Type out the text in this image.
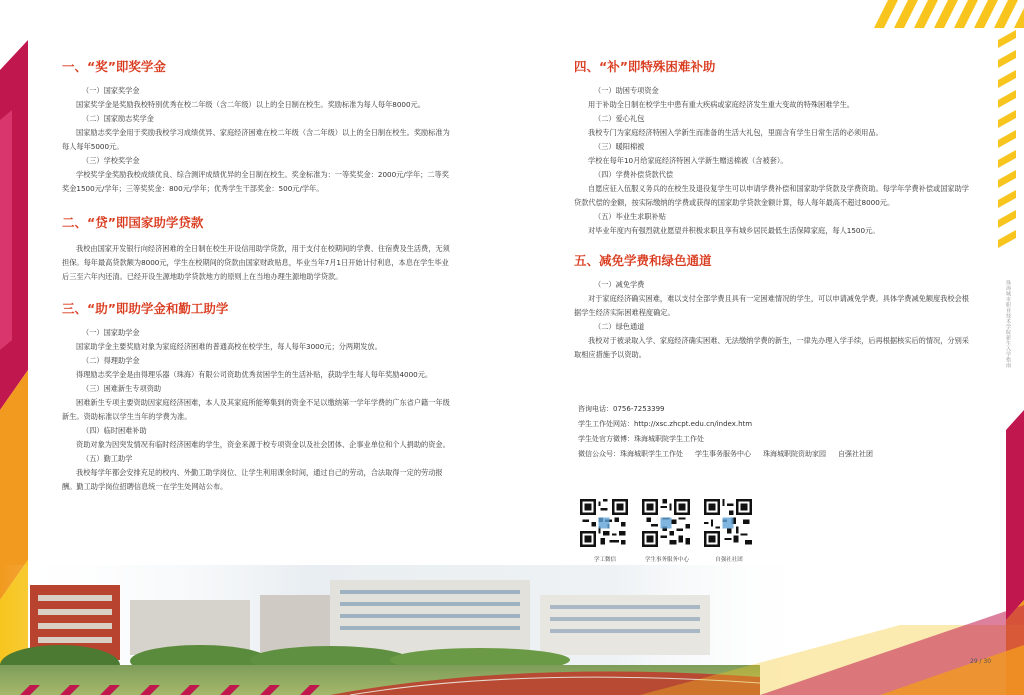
珠海城市职业技术学院新生入学指南
一、“奖”即奖学金
（一）国家奖学金

国家奖学金是奖励我校特别优秀在校二年级（含二年级）以上的全日制在校生。奖励标准为每人每年8000元。

（二）国家励志奖学金

国家励志奖学金用于奖励我校学习成绩优异、家庭经济困难在校二年级（含二年级）以上的全日制在校生。奖励标准为每人每年5000元。

（三）学校奖学金

学校奖学金奖励我校成绩优良、综合测评成绩优异的全日制在校生。奖金标准为：一等奖奖金：2000元/学年；二等奖奖金1500元/学年；三等奖奖金：800元/学年；优秀学生干部奖金：500元/学年。

二、“贷”即国家助学贷款

我校由国家开发银行向经济困难的全日制在校生开设信用助学贷款，用于支付在校期间的学费、住宿费及生活费，无须担保。每年最高贷款额为8000元，学生在校期间的贷款由国家财政贴息，毕业当年7月1日开始计付利息，本息在学生毕业后三至六年内还清。已经开设生源地助学贷款地方的原则上在当地办理生源地助学贷款。

三、“助”即助学金和勤工助学
（一）国家助学金

国家助学金主要奖励对象为家庭经济困难的普通高校在校学生，每人每年3000元；分两期发放。

（二）得理助学金

得理励志奖学金是由得理乐器（珠海）有限公司资助优秀贫困学生的生活补贴，获助学生每人每年奖励4000元。

（三）困难新生专项资助

困难新生专项主要资助因家庭经济困难，本人及其家庭所能筹集到的资金不足以缴纳第一学年学费的广东省户籍一年级新生。资助标准以学生当年的学费为准。

（四）临时困难补助

资助对象为因突发情况有临时经济困难的学生，资金来源于校专项资金以及社会团体、企事业单位和个人捐助的资金。

（五）勤工助学

我校每学年都会安排充足的校内、外勤工助学岗位、让学生利用课余时间，通过自己的劳动，合法取得一定的劳动报酬。勤工助学岗位招聘信息统一在学生处网站公布。

四、“补”即特殊困难补助
（一）助困专项资金

用于补助全日制在校学生中患有重大疾病或家庭经济发生重大变故的特殊困难学生。

（二）爱心礼包

我校专门为家庭经济特困入学新生而准备的生活大礼包，里面含有学生日常生活的必须用品。

（三）暖阳棉被

学校在每年10月给家庭经济特困入学新生赠送棉被（含被套）。

（四）学费补偿贷款代偿

自愿应征入伍服义务兵的在校生及退役复学生可以申请学费补偿和国家助学贷款及学费资助。每学年学费补偿或国家助学贷款代偿的金额，按实际缴纳的学费或获得的国家助学贷款金额计算，每人每年最高不超过8000元。

（五）毕业生求职补贴

对毕业年度内有强烈就业愿望并积极求职且享有城乡居民最低生活保障家庭，每人1500元。

五、减免学费和绿色通道
（一）减免学费

对于家庭经济确实困难，难以支付全部学费且具有一定困难情况的学生，可以申请减免学费。具体学费减免额度我校会根据学生经济实际困难程度确定。

（二）绿色通道

我校对于被录取入学、家庭经济确实困难、无法缴纳学费的新生，一律先办理入学手续，后再根据核实后的情况，分别采取相应措施予以资助。

咨询电话：0756-7253399
学生工作处网站：http://xsc.zhcpt.edu.cn/index.htm
学生处官方微博：珠海城职院学生工作处
微信公众号：珠海城职学生工作处 学生事务服务中心 珠海城职院资助家园 自强社社团
学工微信	学生事务服务中心	自强社社团
29 / 30
